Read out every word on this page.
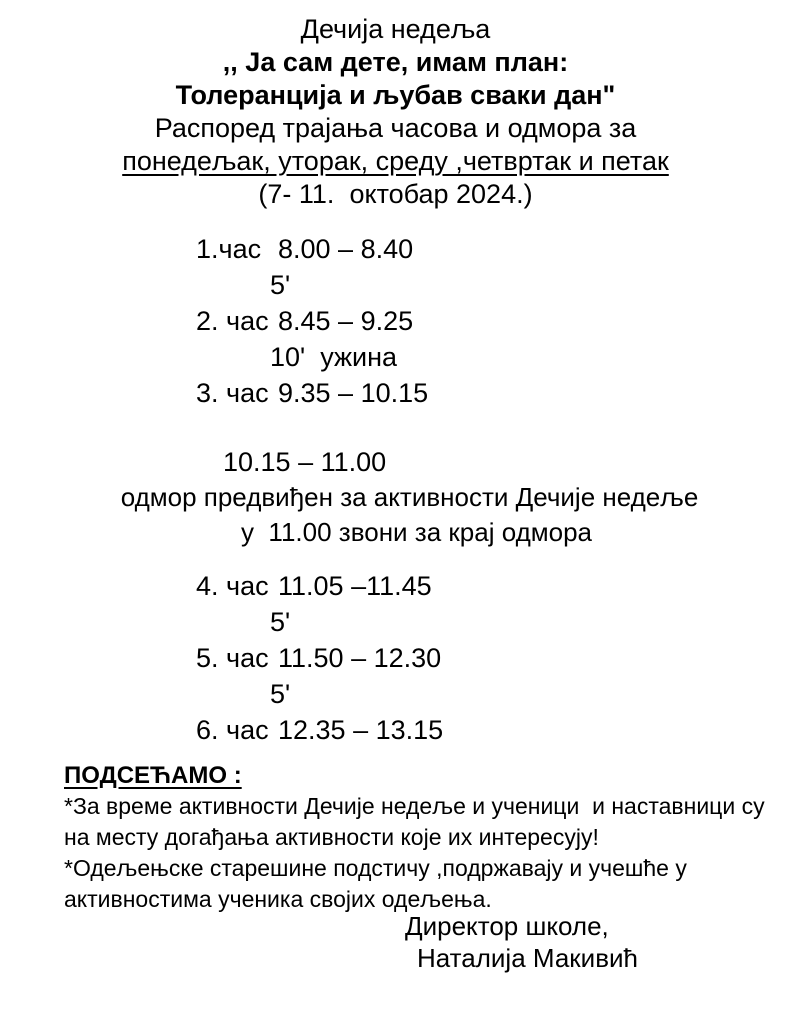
Дечија недеља
,, Ја сам дете, имам план:
Толеранција и љубав сваки дан"
Распоред трајања часова и одмора за
понедељак, уторак, среду ,четвртак и петак
(7- 11.  октобар 2024.)
1.час 8.00 – 8.40
5'
2. час 8.45 – 9.25
10'  ужина
3. час 9.35 – 10.15
10.15 – 11.00
одмор предвиђен за активности Дечије недеље
у  11.00 звони за крај одмора
4. час 11.05 –11.45
5'
5. час 11.50 – 12.30
5'
6. час 12.35 – 13.15
ПОДСЕЋАМО :
*За време активности Дечије недеље и ученици  и наставници су
на месту догађања активности које их интересују!
*Одељењске старешине подстичу ,подржавају и учешће у
активностима ученика својих одељења.
Директор школе,
Наталија Макивић
